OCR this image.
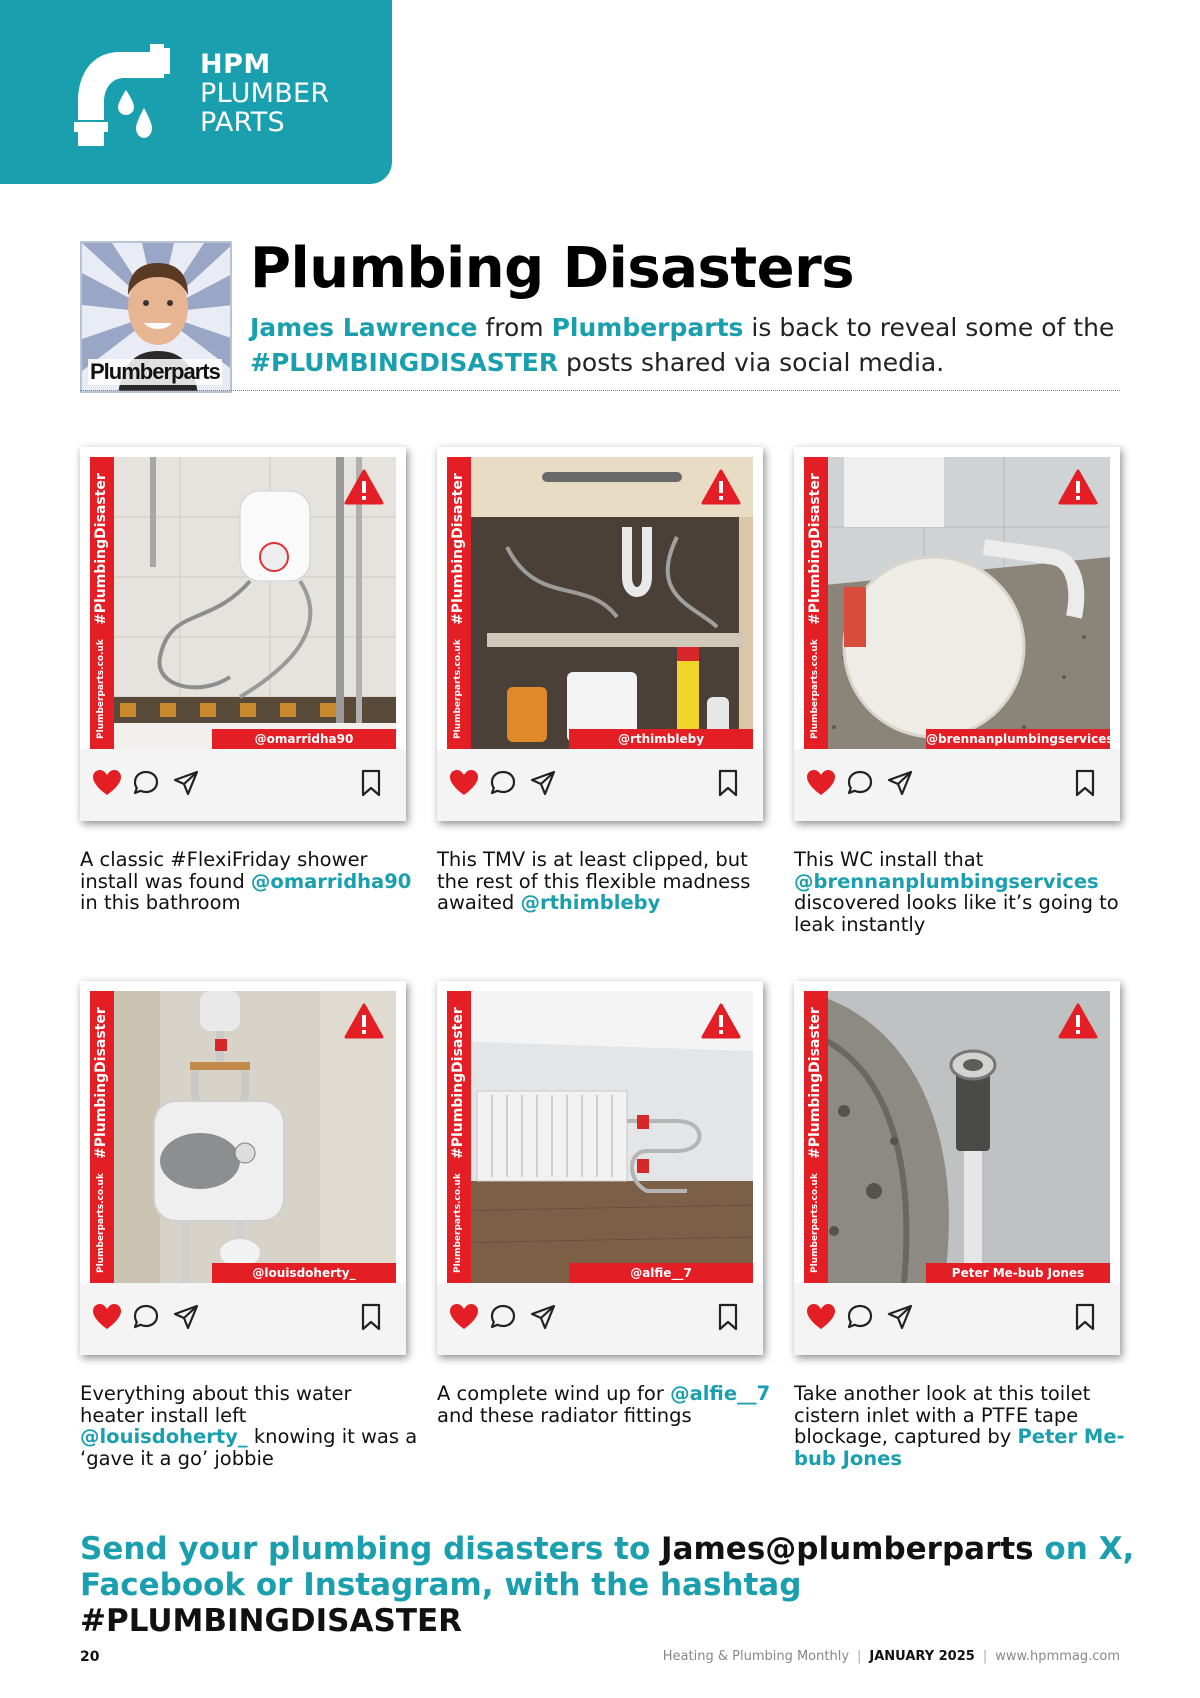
HPM
PLUMBER
PARTS
Plumberparts
Plumbing Disasters

James Lawrence from Plumberparts is back to reveal some of the #PLUMBINGDISASTER posts shared via social media.

#PlumbingDisaster
Plumberparts.co.uk	@omarridha90

A classic #FlexiFriday shower install was found @omarridha90 in this bathroom

#PlumbingDisaster
Plumberparts.co.uk	@rthimbleby

This TMV is at least clipped, but the rest of this flexible madness awaited @rthimbleby

#PlumbingDisaster
Plumberparts.co.uk	@brennanplumbingservices

This WC install that @brennanplumbingservices discovered looks like it’s going to leak instantly

#PlumbingDisaster
Plumberparts.co.uk	@louisdoherty_

Everything about this water heater install left @louisdoherty_ knowing it was a ‘gave it a go’ jobbie

#PlumbingDisaster
Plumberparts.co.uk	@alfie__7

A complete wind up for @alfie__7 and these radiator fittings

#PlumbingDisaster
Plumberparts.co.uk	Peter Me-bub Jones

Take another look at this toilet cistern inlet with a PTFE tape blockage, captured by Peter Me-bub Jones

Send your plumbing disasters to James@plumberparts on X, Facebook or Instagram, with the hashtag #PLUMBINGDISASTER

20	Heating & Plumbing Monthly | JANUARY 2025 | www.hpmmag.com
